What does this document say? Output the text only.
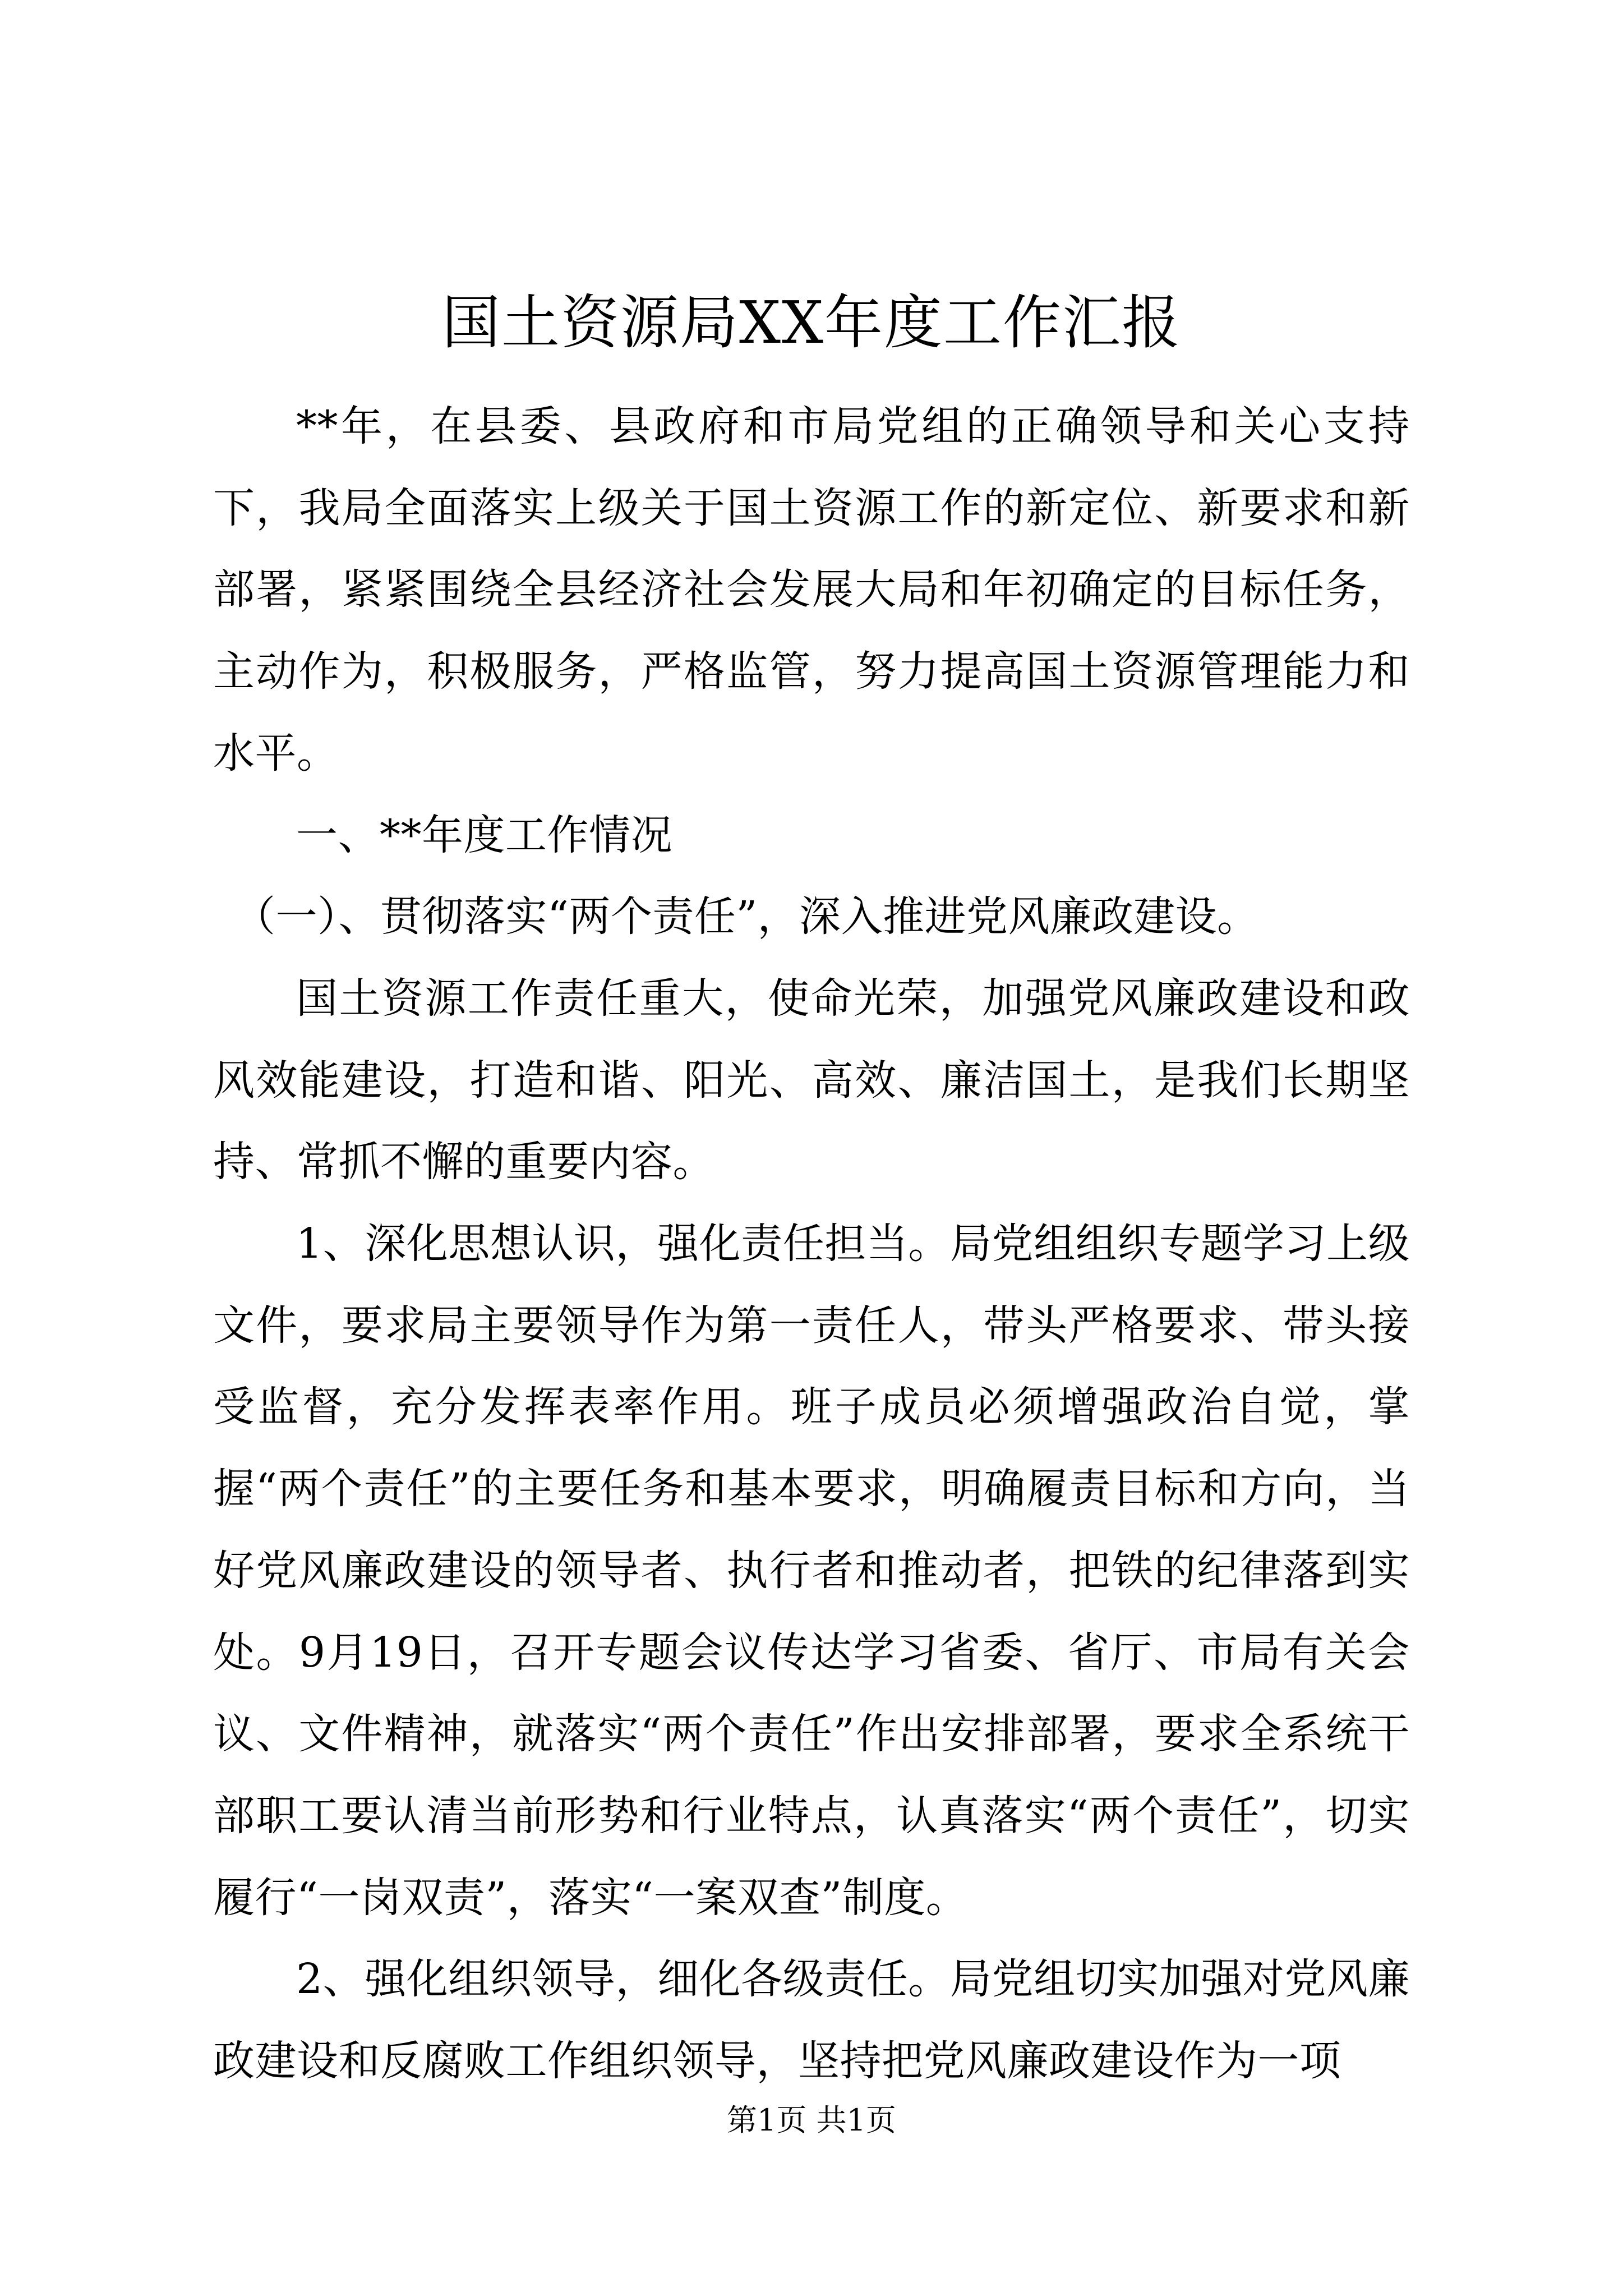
国土资源局XX年度工作汇报

**年，在县委、县政府和市局党组的正确领导和关心支持下，我局全面落实上级关于国土资源工作的新定位、新要求和新部署，紧紧围绕全县经济社会发展大局和年初确定的目标任务，主动作为，积极服务，严格监管，努力提高国土资源管理能力和水平。

一、**年度工作情况

（一）、贯彻落实“两个责任”，深入推进党风廉政建设。

国土资源工作责任重大，使命光荣，加强党风廉政建设和政风效能建设，打造和谐、阳光、高效、廉洁国土，是我们长期坚持、常抓不懈的重要内容。

1、深化思想认识，强化责任担当。局党组组织专题学习上级文件，要求局主要领导作为第一责任人，带头严格要求、带头接受监督，充分发挥表率作用。班子成员必须增强政治自觉，掌握“两个责任”的主要任务和基本要求，明确履责目标和方向，当好党风廉政建设的领导者、执行者和推动者，把铁的纪律落到实处。9月19日，召开专题会议传达学习省委、省厅、市局有关会议、文件精神，就落实“两个责任”作出安排部署，要求全系统干部职工要认清当前形势和行业特点，认真落实“两个责任”，切实履行“一岗双责”，落实“一案双查”制度。

2、强化组织领导，细化各级责任。局党组切实加强对党风廉政建设和反腐败工作组织领导，坚持把党风廉政建设作为一项

第1页 共1页
